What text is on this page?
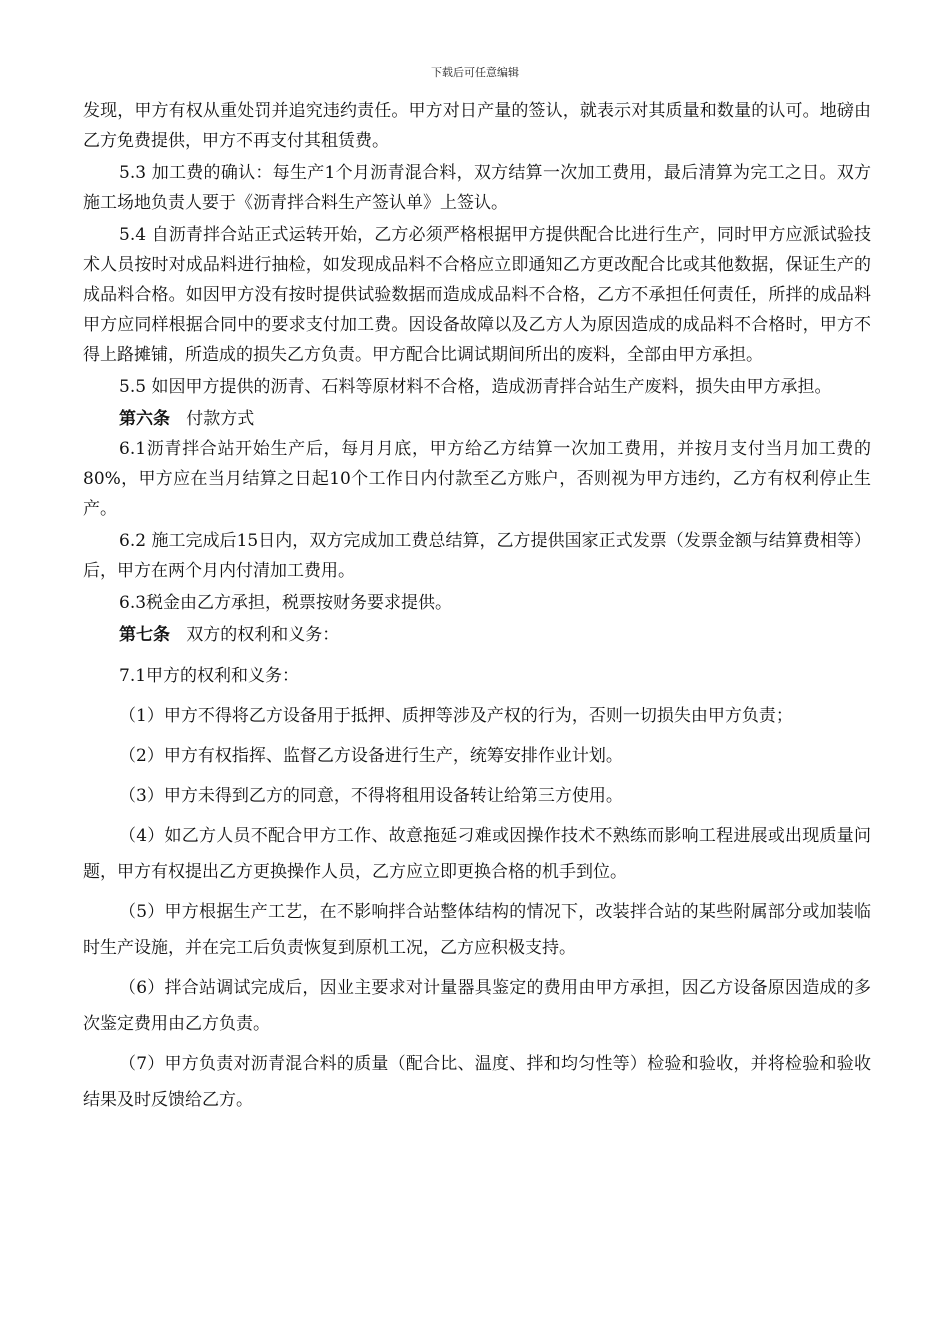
下载后可任意编辑

发现，甲方有权从重处罚并追究违约责任。甲方对日产量的签认，就表示对其质量和数量的认可。地磅由乙方免费提供，甲方不再支付其租赁费。

5.3 加工费的确认：每生产1个月沥青混合料，双方结算一次加工费用，最后清算为完工之日。双方施工场地负责人要于《沥青拌合料生产签认单》上签认。

5.4 自沥青拌合站正式运转开始，乙方必须严格根据甲方提供配合比进行生产，同时甲方应派试验技术人员按时对成品料进行抽检，如发现成品料不合格应立即通知乙方更改配合比或其他数据，保证生产的成品料合格。如因甲方没有按时提供试验数据而造成成品料不合格，乙方不承担任何责任，所拌的成品料甲方应同样根据合同中的要求支付加工费。因设备故障以及乙方人为原因造成的成品料不合格时，甲方不得上路摊铺，所造成的损失乙方负责。甲方配合比调试期间所出的废料，全部由甲方承担。

5.5 如因甲方提供的沥青、石料等原材料不合格，造成沥青拌合站生产废料，损失由甲方承担。

第六条 付款方式

6.1沥青拌合站开始生产后，每月月底，甲方给乙方结算一次加工费用，并按月支付当月加工费的80%，甲方应在当月结算之日起10个工作日内付款至乙方账户，否则视为甲方违约，乙方有权利停止生产。

6.2 施工完成后15日内，双方完成加工费总结算，乙方提供国家正式发票（发票金额与结算费相等）后，甲方在两个月内付清加工费用。

6.3税金由乙方承担，税票按财务要求提供。

第七条 双方的权利和义务：

7.1甲方的权利和义务：

（1）甲方不得将乙方设备用于抵押、质押等涉及产权的行为，否则一切损失由甲方负责；

（2）甲方有权指挥、监督乙方设备进行生产，统筹安排作业计划。

（3）甲方未得到乙方的同意，不得将租用设备转让给第三方使用。

（4）如乙方人员不配合甲方工作、故意拖延刁难或因操作技术不熟练而影响工程进展或出现质量问题，甲方有权提出乙方更换操作人员，乙方应立即更换合格的机手到位。

（5）甲方根据生产工艺，在不影响拌合站整体结构的情况下，改装拌合站的某些附属部分或加装临时生产设施，并在完工后负责恢复到原机工况，乙方应积极支持。

（6）拌合站调试完成后，因业主要求对计量器具鉴定的费用由甲方承担，因乙方设备原因造成的多次鉴定费用由乙方负责。

（7）甲方负责对沥青混合料的质量（配合比、温度、拌和均匀性等）检验和验收，并将检验和验收结果及时反馈给乙方。
